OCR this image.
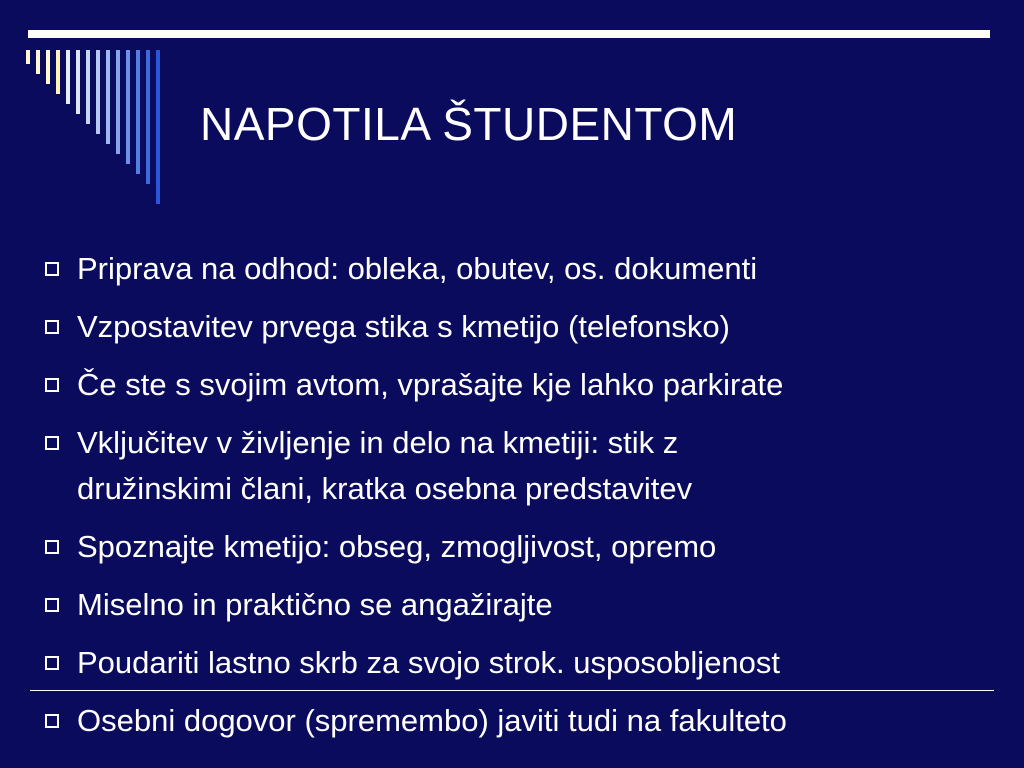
NAPOTILA ŠTUDENTOM
Priprava na odhod: obleka, obutev, os. dokumenti
Vzpostavitev prvega stika s kmetijo (telefonsko)
Če ste s svojim avtom, vprašajte kje lahko parkirate
Vključitev v življenje in delo na kmetiji: stik z
družinskimi člani, kratka osebna predstavitev
Spoznajte kmetijo: obseg, zmogljivost, opremo
Miselno in praktično se angažirajte
Poudariti lastno skrb za svojo strok. usposobljenost
Osebni dogovor (spremembo) javiti tudi na fakulteto
